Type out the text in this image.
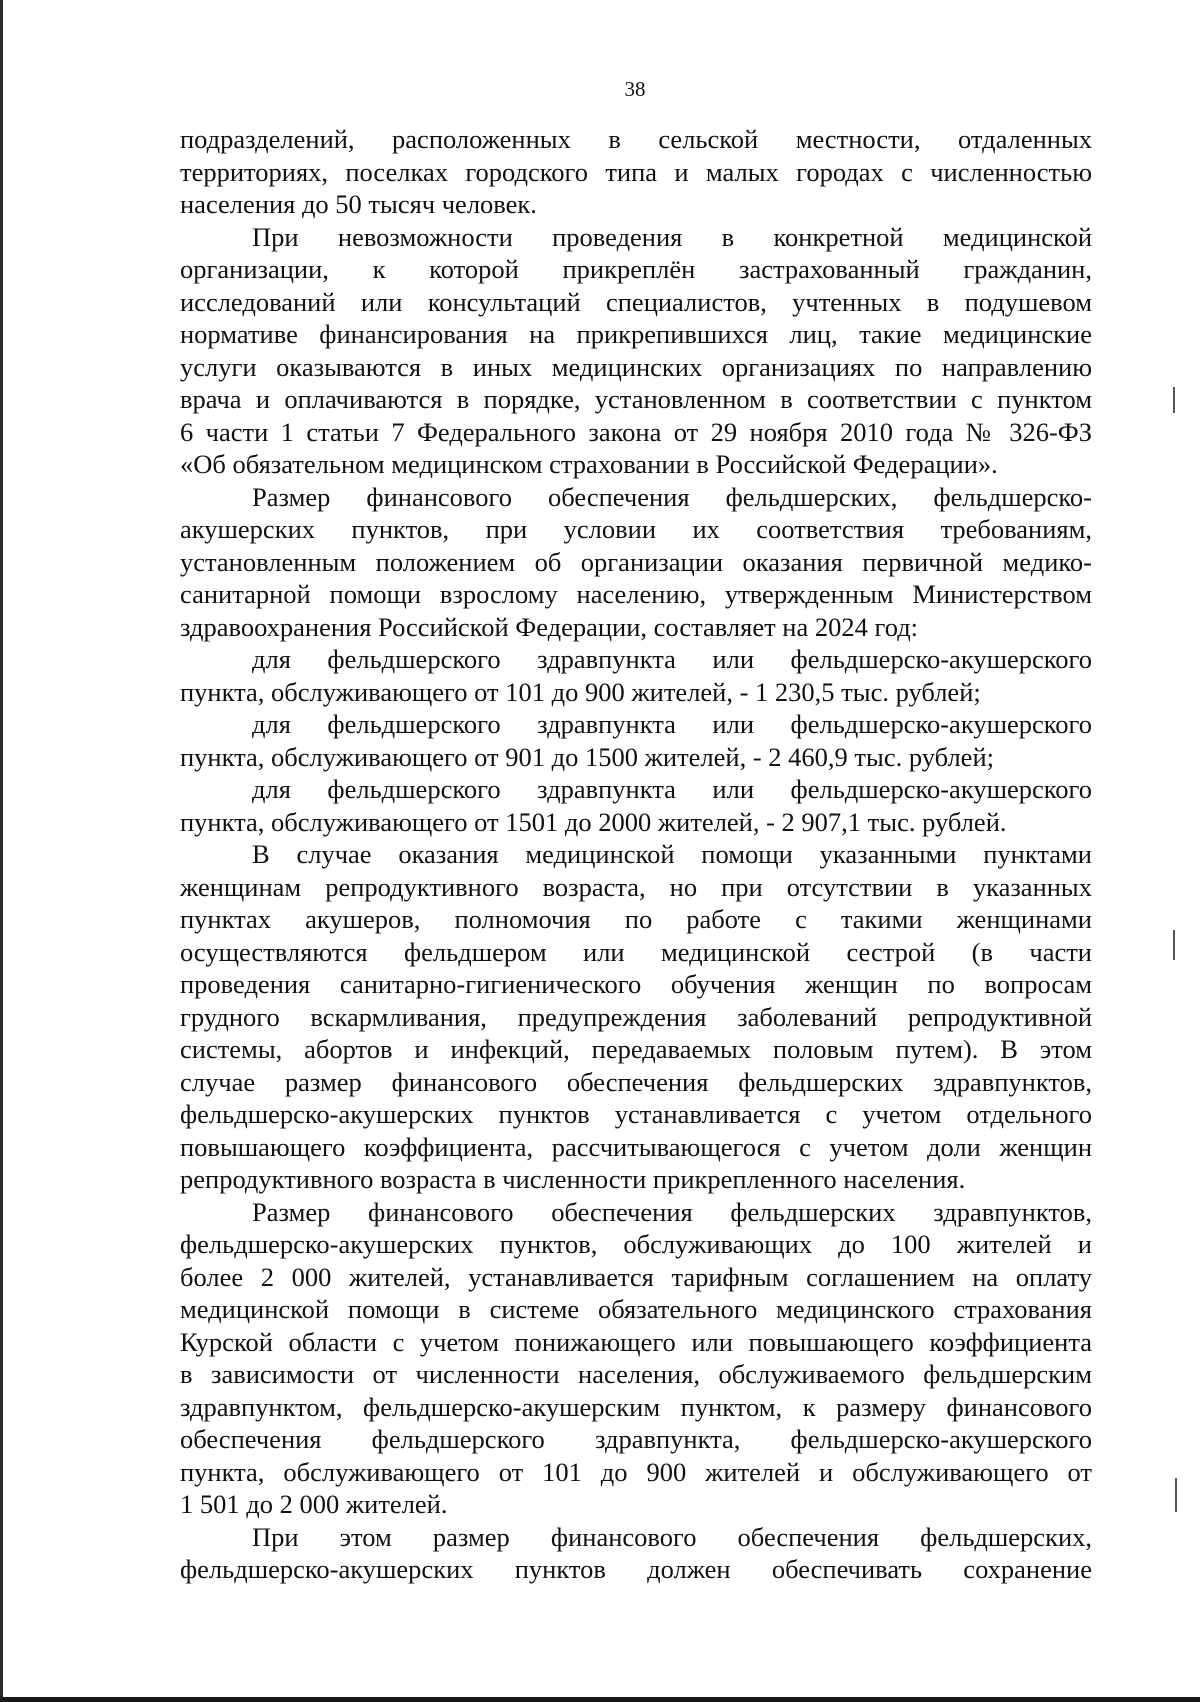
38
подразделений, расположенных в сельской местности, отдаленных
территориях, поселках городского типа и малых городах с численностью
населения до 50 тысяч человек.
При невозможности проведения в конкретной медицинской
организации, к которой прикреплён застрахованный гражданин,
исследований или консультаций специалистов, учтенных в подушевом
нормативе финансирования на прикрепившихся лиц, такие медицинские
услуги оказываются в иных медицинских организациях по направлению
врача и оплачиваются в порядке, установленном в соответствии с пунктом
6 части 1 статьи 7 Федерального закона от 29 ноября 2010 года № 326-ФЗ
«Об обязательном медицинском страховании в Российской Федерации».
Размер финансового обеспечения фельдшерских, фельдшерско-
акушерских пунктов, при условии их соответствия требованиям,
установленным положением об организации оказания первичной медико-
санитарной помощи взрослому населению, утвержденным Министерством
здравоохранения Российской Федерации, составляет на 2024 год:
для фельдшерского здравпункта или фельдшерско-акушерского
пункта, обслуживающего от 101 до 900 жителей, - 1 230,5 тыс. рублей;
для фельдшерского здравпункта или фельдшерско-акушерского
пункта, обслуживающего от 901 до 1500 жителей, - 2 460,9 тыс. рублей;
для фельдшерского здравпункта или фельдшерско-акушерского
пункта, обслуживающего от 1501 до 2000 жителей, - 2 907,1 тыс. рублей.
В случае оказания медицинской помощи указанными пунктами
женщинам репродуктивного возраста, но при отсутствии в указанных
пунктах акушеров, полномочия по работе с такими женщинами
осуществляются фельдшером или медицинской сестрой (в части
проведения санитарно-гигиенического обучения женщин по вопросам
грудного вскармливания, предупреждения заболеваний репродуктивной
системы, абортов и инфекций, передаваемых половым путем). В этом
случае размер финансового обеспечения фельдшерских здравпунктов,
фельдшерско-акушерских пунктов устанавливается с учетом отдельного
повышающего коэффициента, рассчитывающегося с учетом доли женщин
репродуктивного возраста в численности прикрепленного населения.
Размер финансового обеспечения фельдшерских здравпунктов,
фельдшерско-акушерских пунктов, обслуживающих до 100 жителей и
более 2 000 жителей, устанавливается тарифным соглашением на оплату
медицинской помощи в системе обязательного медицинского страхования
Курской области с учетом понижающего или повышающего коэффициента
в зависимости от численности населения, обслуживаемого фельдшерским
здравпунктом, фельдшерско-акушерским пунктом, к размеру финансового
обеспечения фельдшерского здравпункта, фельдшерско-акушерского
пункта, обслуживающего от 101 до 900 жителей и обслуживающего от
1 501 до 2 000 жителей.
При этом размер финансового обеспечения фельдшерских,
фельдшерско-акушерских пунктов должен обеспечивать сохранение
